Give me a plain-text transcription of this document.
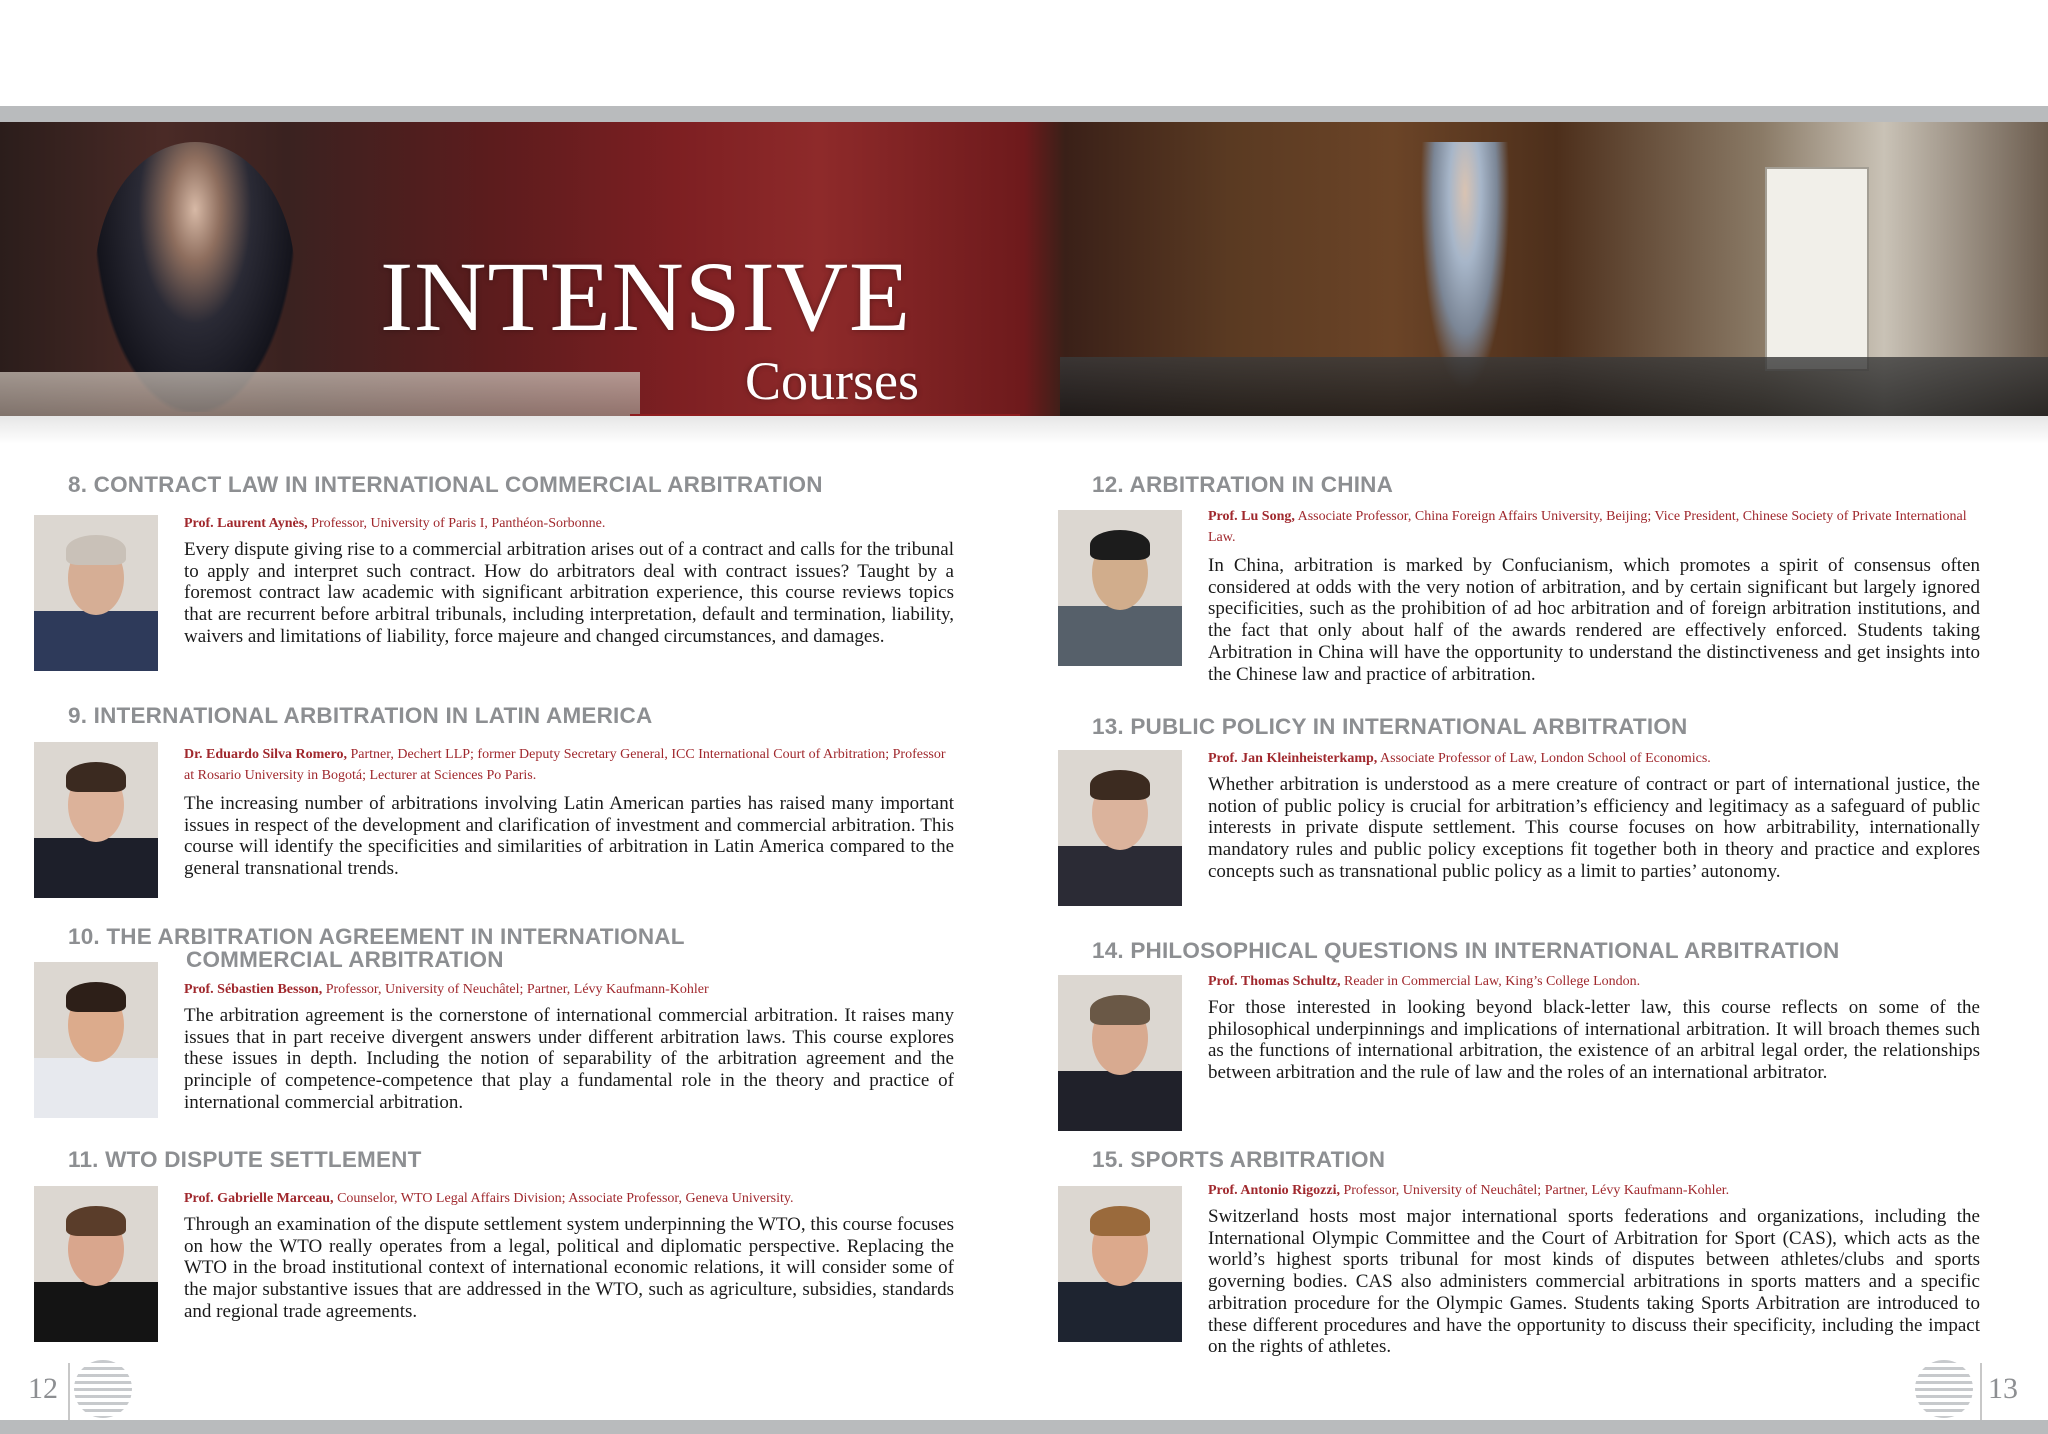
INTENSIVE
Courses
8. CONTRACT LAW IN INTERNATIONAL COMMERCIAL ARBITRATION
Prof. Laurent Aynès, Professor, University of Paris I, Panthéon-Sorbonne.

Every dispute giving rise to a commercial arbitration arises out of a contract and calls for the tribunal to apply and interpret such contract. How do arbitrators deal with contract issues? Taught by a foremost contract law academic with significant arbitration experience, this course reviews topics that are recurrent before arbitral tribunals, including interpretation, default and termination, liability, waivers and limitations of liability, force majeure and changed circumstances, and damages.

9. INTERNATIONAL ARBITRATION IN LATIN AMERICA
Dr. Eduardo Silva Romero, Partner, Dechert LLP; former Deputy Secretary General, ICC International Court of Arbitration; Professor at Rosario University in Bogotá; Lecturer at Sciences Po Paris.

The increasing number of arbitrations involving Latin American parties has raised many important issues in respect of the development and clarification of investment and commercial arbitration. This course will identify the specificities and similarities of arbitration in Latin America compared to the general transnational trends.

10. THE ARBITRATION AGREEMENT IN INTERNATIONAL
COMMERCIAL ARBITRATION
Prof. Sébastien Besson, Professor, University of Neuchâtel; Partner, Lévy Kaufmann-Kohler

The arbitration agreement is the cornerstone of international commercial arbitration. It raises many issues that in part receive divergent answers under different arbitration laws. This course explores these issues in depth. Including the notion of separability of the arbitration agreement and the principle of competence-competence that play a fundamental role in the theory and practice of international commercial arbitration.

11. WTO DISPUTE SETTLEMENT
Prof. Gabrielle Marceau, Counselor, WTO Legal Affairs Division; Associate Professor, Geneva University.

Through an examination of the dispute settlement system underpinning the WTO, this course focuses on how the WTO really operates from a legal, political and diplomatic perspective. Replacing the WTO in the broad institutional context of international economic relations, it will consider some of the major substantive issues that are addressed in the WTO, such as agriculture, subsidies, standards and regional trade agreements.

12. ARBITRATION IN CHINA
Prof. Lu Song, Associate Professor, China Foreign Affairs University, Beijing; Vice President, Chinese Society of Private International Law.

In China, arbitration is marked by Confucianism, which promotes a spirit of consensus often considered at odds with the very notion of arbitration, and by certain significant but largely ignored specificities, such as the prohibition of ad hoc arbitration and of foreign arbitration institutions, and the fact that only about half of the awards rendered are effectively enforced. Students taking Arbitration in China will have the opportunity to understand the distinctiveness and get insights into the Chinese law and practice of arbitration.

13. PUBLIC POLICY IN INTERNATIONAL ARBITRATION
Prof. Jan Kleinheisterkamp, Associate Professor of Law, London School of Economics.

Whether arbitration is understood as a mere creature of contract or part of international justice, the notion of public policy is crucial for arbitration’s efficiency and legitimacy as a safeguard of public interests in private dispute settlement. This course focuses on how arbitrability, internationally mandatory rules and public policy exceptions fit together both in theory and practice and explores concepts such as transnational public policy as a limit to parties’ autonomy.

14. PHILOSOPHICAL QUESTIONS IN INTERNATIONAL ARBITRATION
Prof. Thomas Schultz, Reader in Commercial Law, King’s College London.

For those interested in looking beyond black-letter law, this course reflects on some of the philosophical underpinnings and implications of international arbitration. It will broach themes such as the functions of international arbitration, the existence of an arbitral legal order, the relationships between arbitration and the rule of law and the roles of an international arbitrator.

15. SPORTS ARBITRATION
Prof. Antonio Rigozzi, Professor, University of Neuchâtel; Partner, Lévy Kaufmann-Kohler.

Switzerland hosts most major international sports federations and organizations, including the International Olympic Committee and the Court of Arbitration for Sport (CAS), which acts as the world’s highest sports tribunal for most kinds of disputes between athletes/clubs and sports governing bodies. CAS also administers commercial arbitrations in sports matters and a specific arbitration procedure for the Olympic Games. Students taking Sports Arbitration are introduced to these different procedures and have the opportunity to discuss their specificity, including the impact on the rights of athletes.

12	13
